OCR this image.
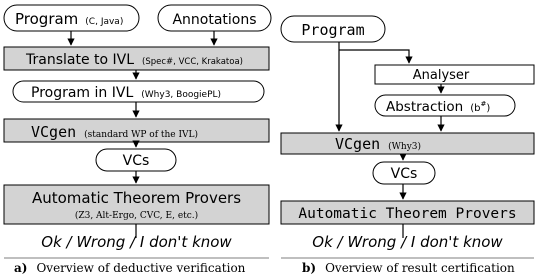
Program (C, Java)	Annotations
Translate to IVL (Spec#, VCC, Krakatoa)
Program in IVL (Why3, BoogiePL)
VCgen (standard WP of the IVL)
VCs
Automatic Theorem Provers
(Z3, Alt-Ergo, CVC, E, etc.)
Ok / Wrong / I don't know
a) Overview of deductive verification
Program
Analyser
Abstraction ($b^{\#}_)$
VCgen (Why3)
VCs
Automatic Theorem Provers
Ok / Wrong / I don't know
b) Overview of result certification
